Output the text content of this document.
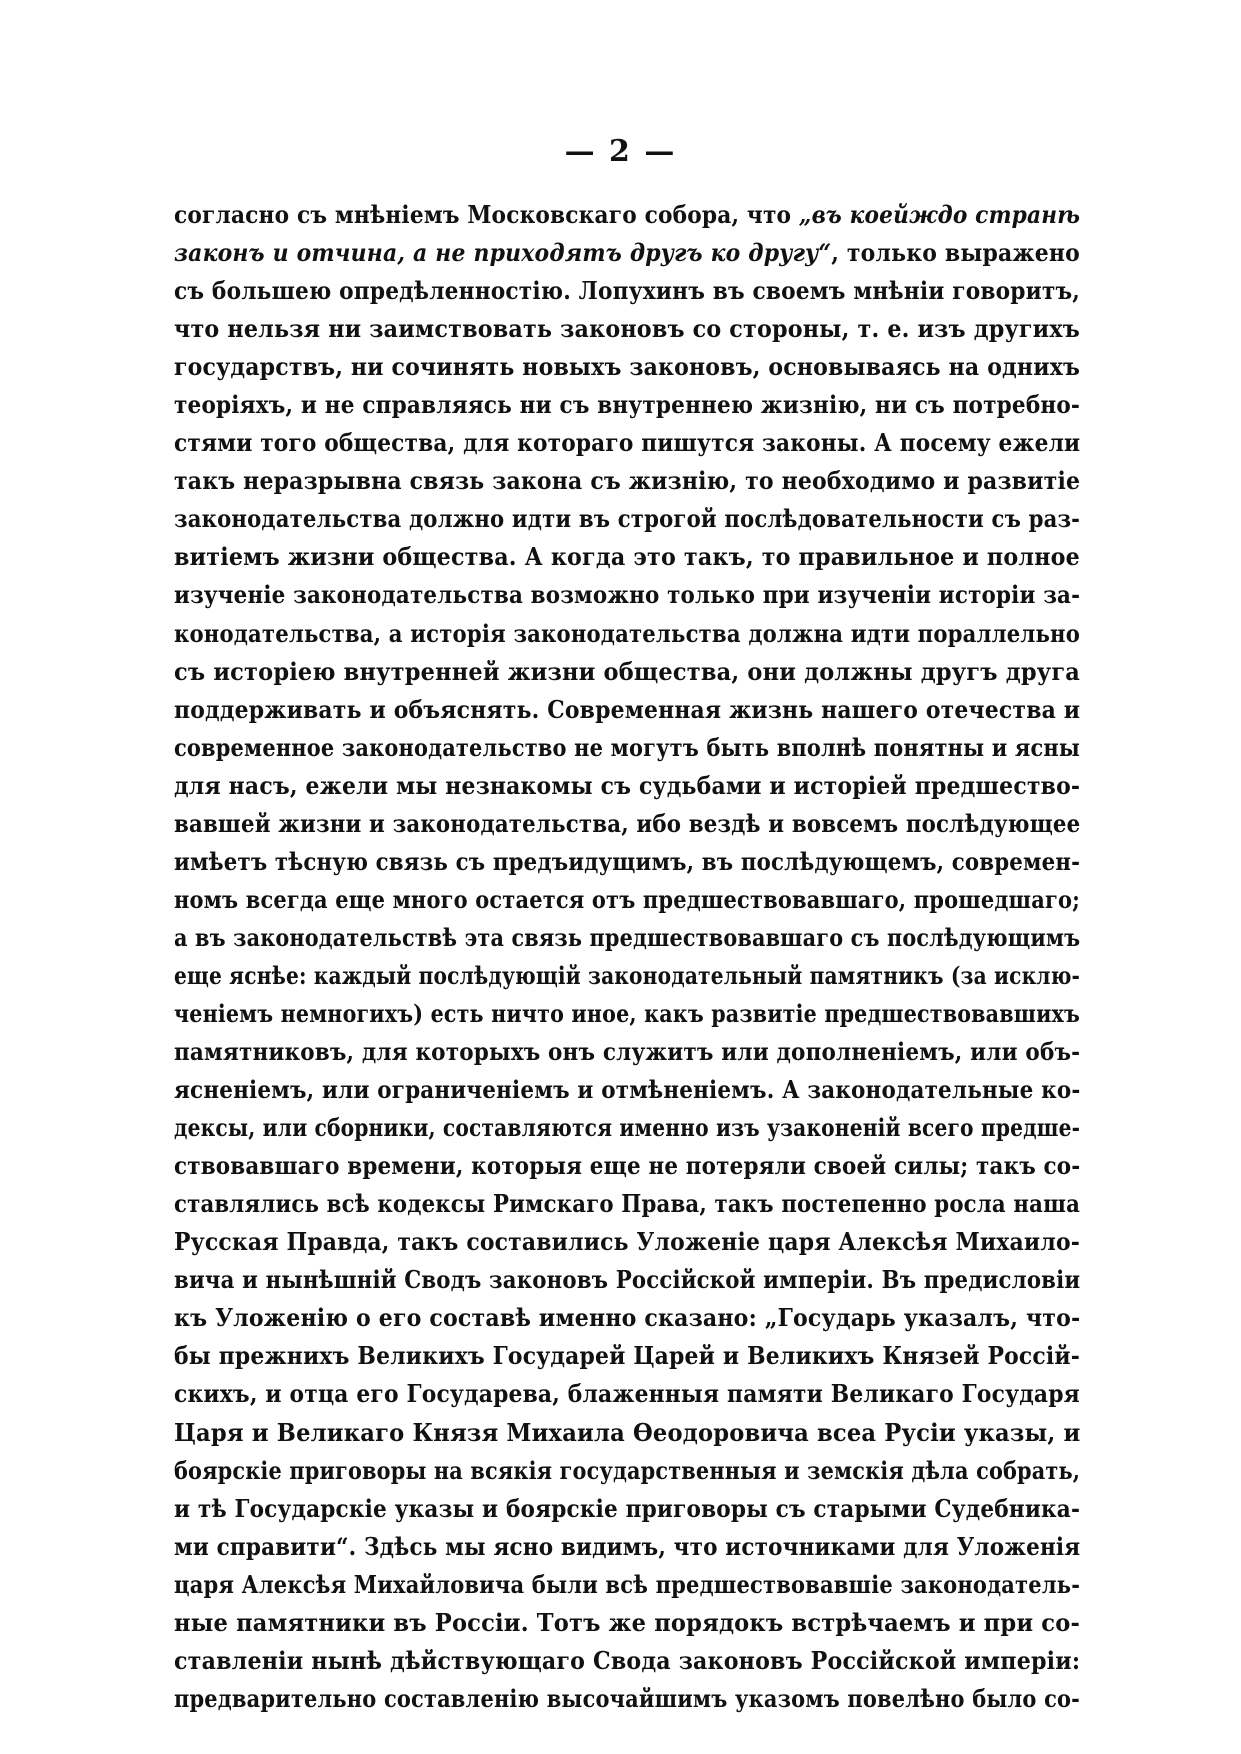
— 2 —
согласно съ мнѣніемъ Московскаго собора, что „въ коейждо странѣ
законъ и отчина, а не приходятъ другъ ко другу“, только выражено
съ большею опредѣленностію. Лопухинъ въ своемъ мнѣніи говоритъ,
что нельзя ни заимствовать законовъ со стороны, т. е. изъ другихъ
государствъ, ни сочинять новыхъ законовъ, основываясь на однихъ
теоріяхъ, и не справляясь ни съ внутреннею жизнію, ни съ потребно-
стями того общества, для котораго пишутся законы. А посему ежели
такъ неразрывна связь закона съ жизнію, то необходимо и развитіе
законодательства должно идти въ строгой послѣдовательности съ раз-
витіемъ жизни общества. А когда это такъ, то правильное и полное
изученіе законодательства возможно только при изученіи исторіи за-
конодательства, а исторія законодательства должна идти пораллельно
съ исторіею внутренней жизни общества, они должны другъ друга
поддерживать и объяснять. Современная жизнь нашего отечества и
современное законодательство не могутъ быть вполнѣ понятны и ясны
для насъ, ежели мы незнакомы съ судьбами и исторіей предшество-
вавшей жизни и законодательства, ибо вездѣ и вовсемъ послѣдующее
имѣетъ тѣсную связь съ предъидущимъ, въ послѣдующемъ, современ-
номъ всегда еще много остается отъ предшествовавшаго, прошедшаго;
а въ законодательствѣ эта связь предшествовавшаго съ послѣдующимъ
еще яснѣе: каждый послѣдующій законодательный памятникъ (за исклю-
ченіемъ немногихъ) есть ничто иное, какъ развитіе предшествовавшихъ
памятниковъ, для которыхъ онъ служитъ или дополненіемъ, или объ-
ясненіемъ, или ограниченіемъ и отмѣненіемъ. А законодательные ко-
дексы, или сборники, составляются именно изъ узаконеній всего предше-
ствовавшаго времени, которыя еще не потеряли своей силы; такъ со-
ставлялись всѣ кодексы Римскаго Права, такъ постепенно росла наша
Русская Правда, такъ составились Уложеніе царя Алексѣя Михаило-
вича и нынѣшній Сводъ законовъ Россійской имперіи. Въ предисловіи
къ Уложенію о его составѣ именно сказано: „Государь указалъ, что-
бы прежнихъ Великихъ Государей Царей и Великихъ Князей Россій-
скихъ, и отца его Государева, блаженныя памяти Великаго Государя
Царя и Великаго Князя Михаила Ѳеодоровича всеа Русіи указы, и
боярскіе приговоры на всякія государственныя и земскія дѣла собрать,
и тѣ Государскіе указы и боярскіе приговоры съ старыми Судебника-
ми справити“. Здѣсь мы ясно видимъ, что источниками для Уложенія
царя Алексѣя Михайловича были всѣ предшествовавшіе законодатель-
ные памятники въ Россіи. Тотъ же порядокъ встрѣчаемъ и при со-
ставленіи нынѣ дѣйствующаго Свода законовъ Россійской имперіи:
предварительно составленію высочайшимъ указомъ повелѣно было со-
